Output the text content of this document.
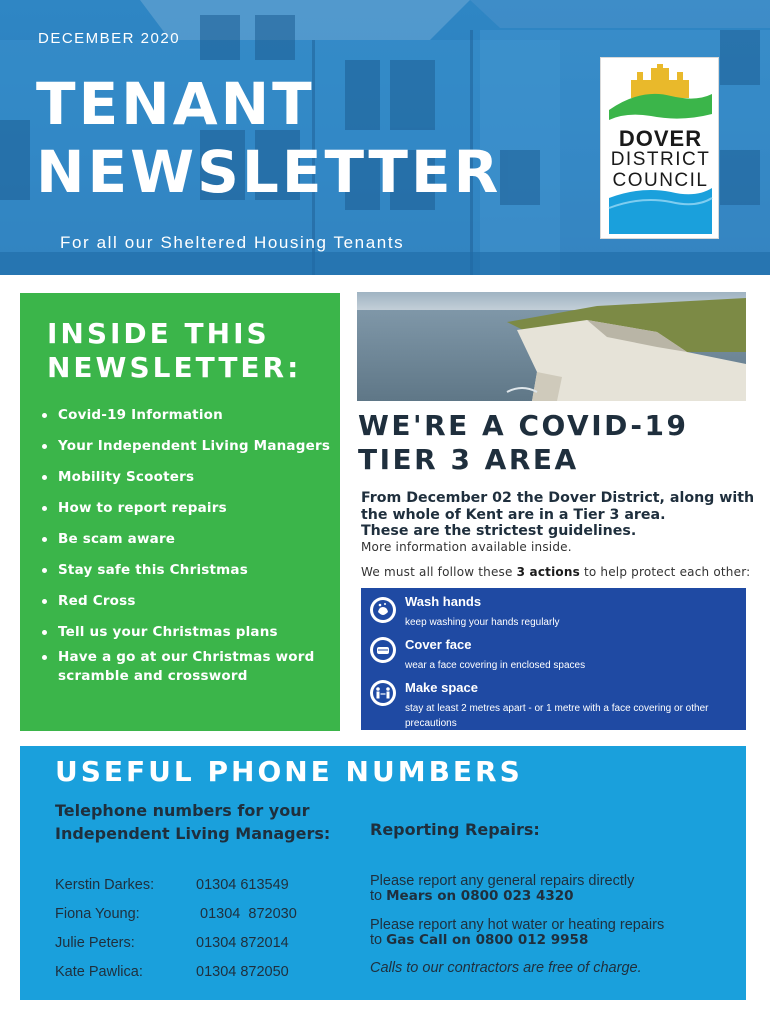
DECEMBER 2020
TENANT
NEWSLETTER
For all our Sheltered Housing Tenants
DOVER
DISTRICT
COUNCIL
INSIDE THIS
NEWSLETTER:
Covid-19 Information
Your Independent Living Managers
Mobility Scooters
How to report repairs
Be scam aware
Stay safe this Christmas
Red Cross
Tell us your Christmas plans
Have a go at our Christmas word scramble and crossword
WE'RE A COVID-19
TIER 3 AREA
From December 02 the Dover District, along with
the whole of Kent are in a Tier 3 area.
These are the strictest guidelines.
More information available inside.
We must all follow these 3 actions to help protect each other:
Wash hands
keep washing your hands regularly
Cover face
wear a face covering in enclosed spaces
Make space
stay at least 2 metres apart - or 1 metre with a face covering or other precautions
USEFUL PHONE NUMBERS
Telephone numbers for your
Independent Living Managers:
Kerstin Darkes:	01304 613549
Fiona Young:	01304  872030
Julie Peters:	01304 872014
Kate Pawlica:	01304 872050
Reporting Repairs:
Please report any general repairs directly
to Mears on 0800 023 4320
Please report any hot water or heating repairs
to Gas Call on 0800 012 9958
Calls to our contractors are free of charge.
